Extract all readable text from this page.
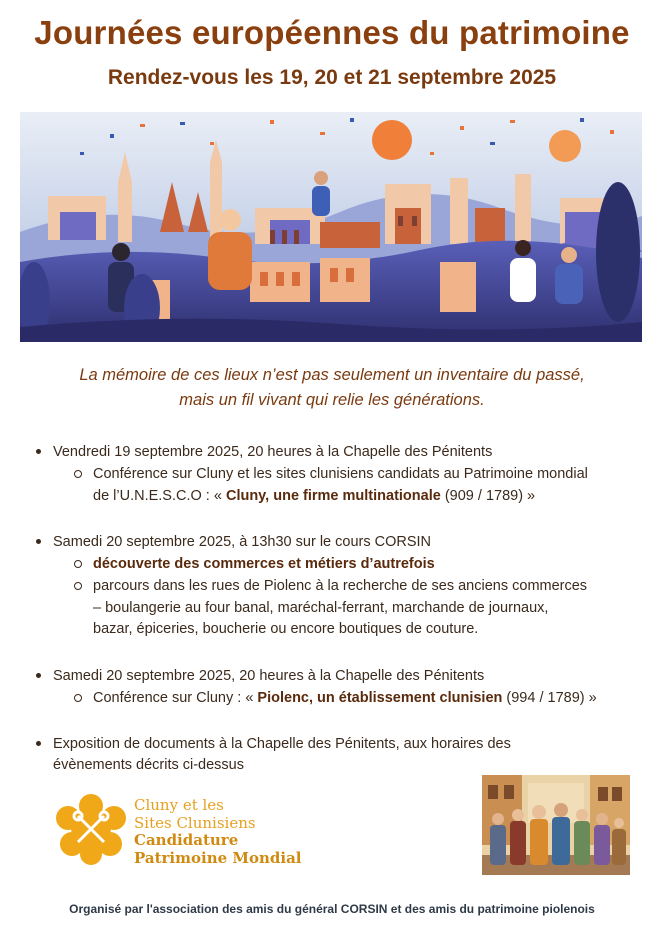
Journées européennes du patrimoine
Rendez-vous les 19, 20 et 21 septembre 2025
La mémoire de ces lieux n’est pas seulement un inventaire du passé,
mais un fil vivant qui relie les générations.
Vendredi 19 septembre 2025, 20 heures à la Chapelle des Pénitents
Conférence sur Cluny et les sites clunisiens candidats au Patrimoine mondial
de l’U.N.E.S.C.O : « Cluny, une firme multinationale (909 / 1789) »
Samedi 20 septembre 2025, à 13h30 sur le cours CORSIN
découverte des commerces et métiers d’autrefois
parcours dans les rues de Piolenc à la recherche de ses anciens commerces
– boulangerie au four banal, maréchal-ferrant, marchande de journaux,
bazar, épiceries, boucherie ou encore boutiques de couture.
Samedi 20 septembre 2025, 20 heures à la Chapelle des Pénitents
Conférence sur Cluny : « Piolenc, un établissement clunisien (994 / 1789) »
Exposition de documents à la Chapelle des Pénitents, aux horaires des
évènements décrits ci-dessus
Cluny et les
Sites Clunisiens
Candidature
Patrimoine Mondial
Organisé par l'association des amis du général CORSIN et des amis du patrimoine piolenois
